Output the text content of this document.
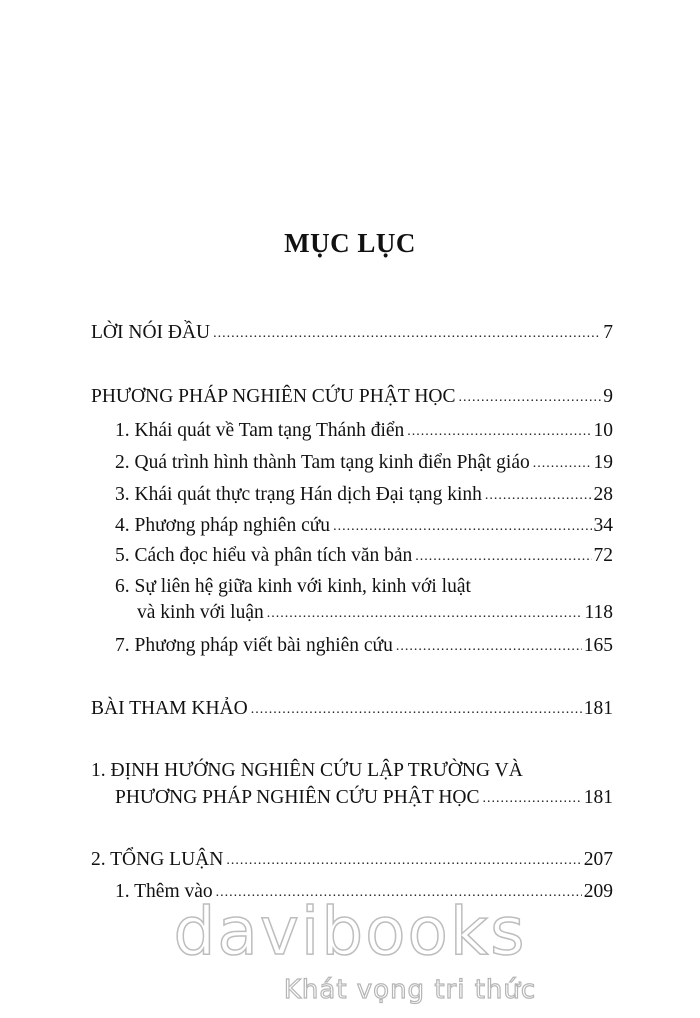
MỤC LỤC
LỜI NÓI ĐẦU .....	7
PHƯƠNG PHÁP NGHIÊN CỨU PHẬT HỌC .....	9
1. Khái quát về Tam tạng Thánh điển .....	10
2. Quá trình hình thành Tam tạng kinh điển Phật giáo .....	19
3. Khái quát thực trạng Hán dịch Đại tạng kinh .....	28
4. Phương pháp nghiên cứu .....	34
5. Cách đọc hiểu và phân tích văn bản .....	72
6. Sự liên hệ giữa kinh với kinh, kinh với luật
và kinh với luận .....	118
7. Phương pháp viết bài nghiên cứu .....	165
BÀI THAM KHẢO .....	181
1. ĐỊNH HƯỚNG NGHIÊN CỨU LẬP TRƯỜNG VÀ
PHƯƠNG PHÁP NGHIÊN CỨU PHẬT HỌC .....	181
2. TỔNG LUẬN .....	207
1. Thêm vào .....	209
davibooks
Khát vọng tri thức
